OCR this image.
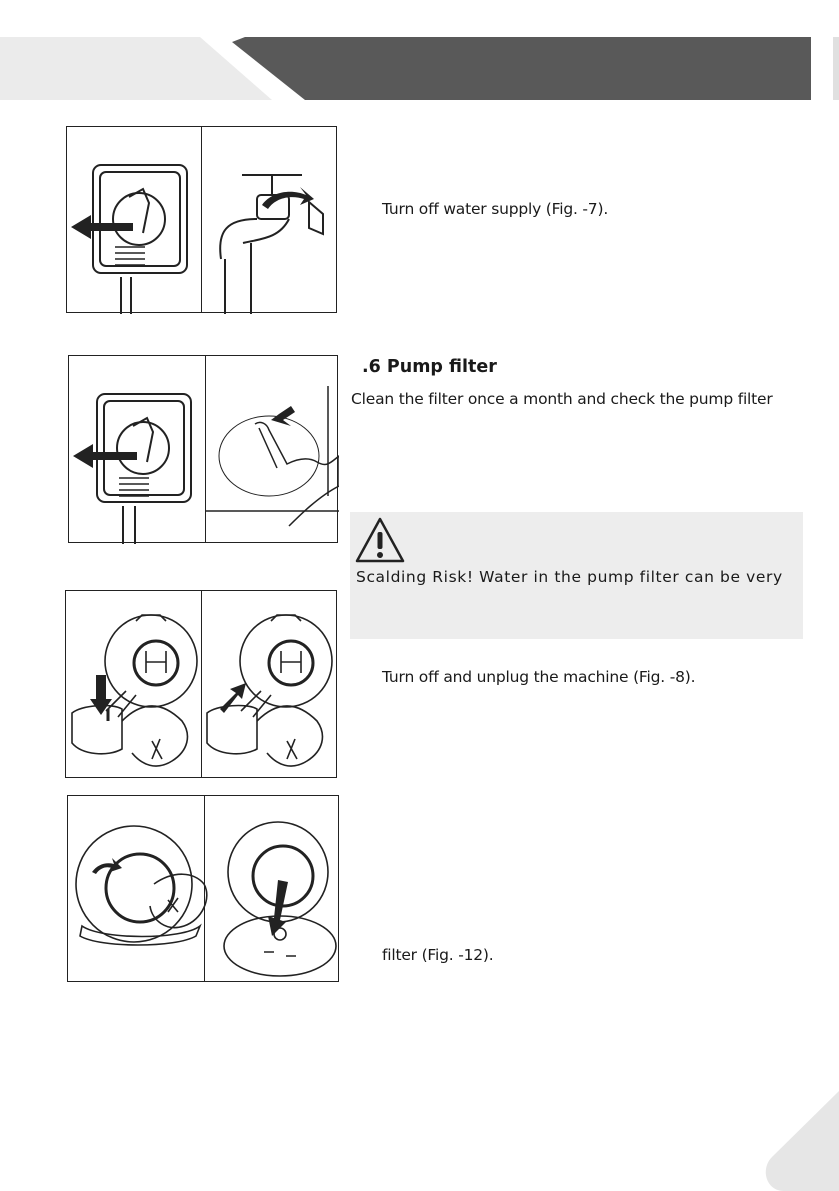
Turn off water supply (Fig. -7).
.6 Pump filter
Clean the filter once a month and check the pump filter
Scalding Risk! Water in the pump filter can be very
Turn off and unplug the machine (Fig. -8).
filter (Fig. -12).
